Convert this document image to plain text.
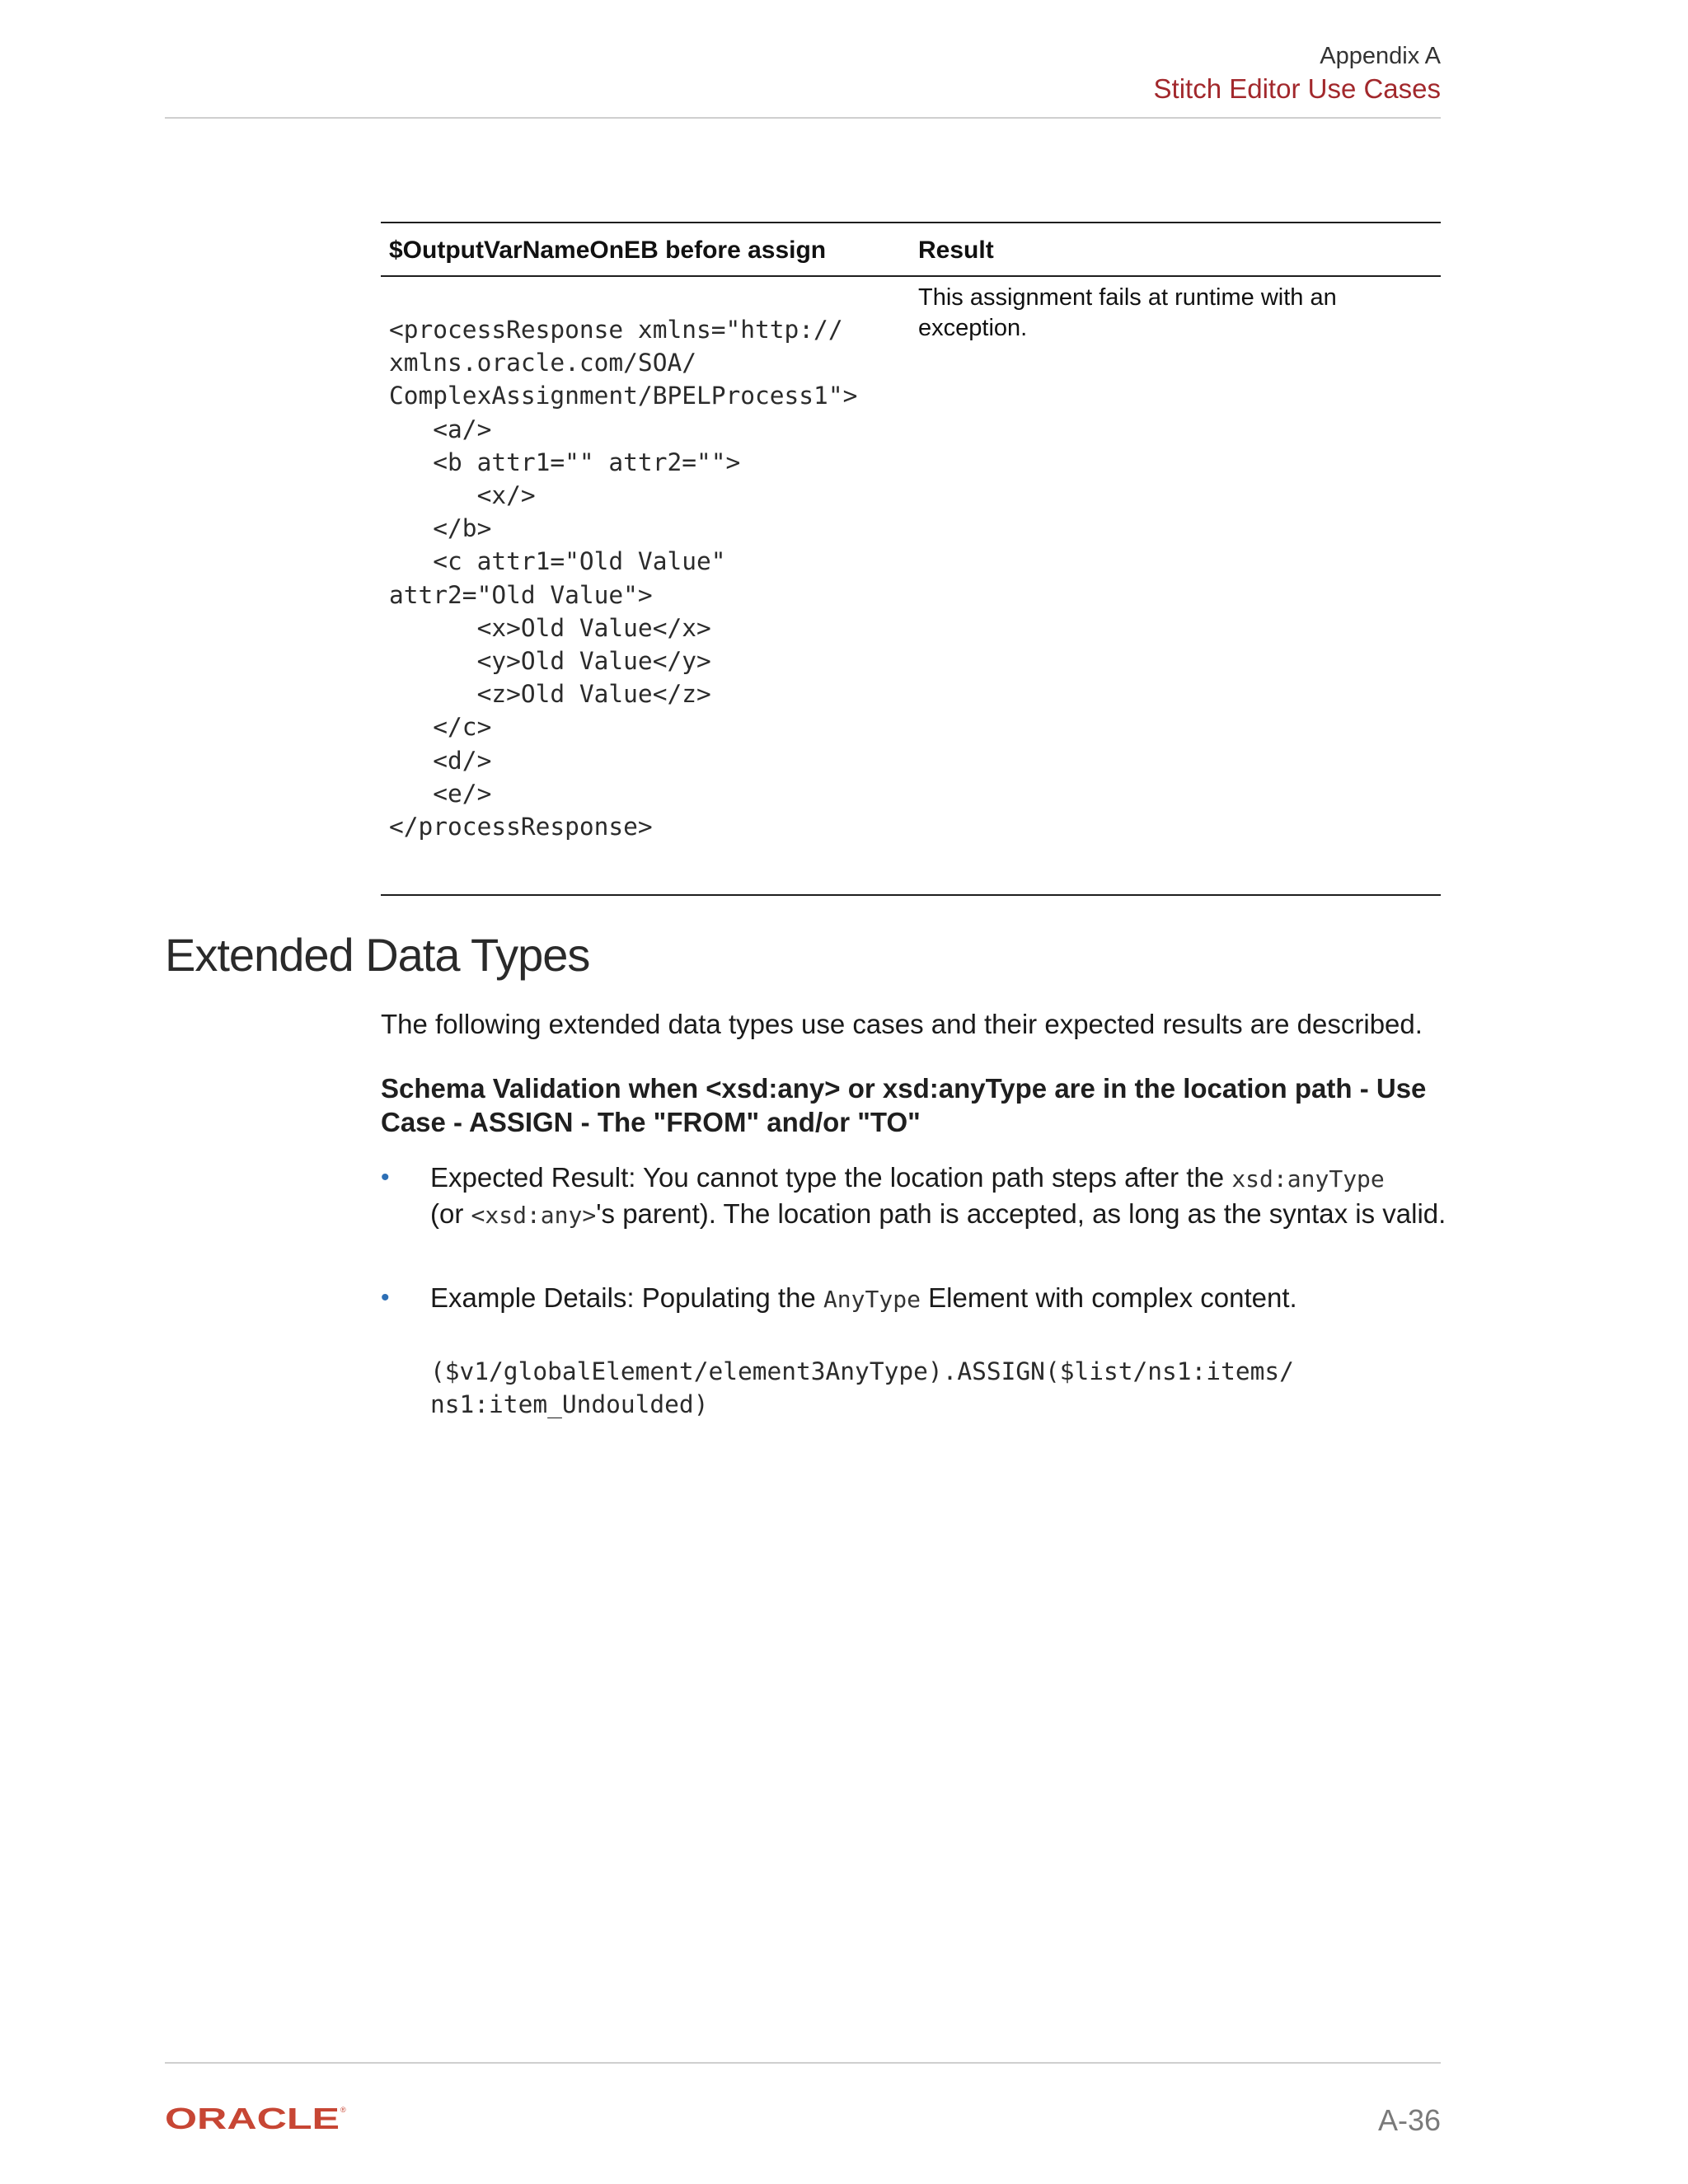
Appendix A
Stitch Editor Use Cases
$OutputVarNameOnEB before assign	Result
This assignment fails at runtime with an exception.
<processResponse xmlns="http://
xmlns.oracle.com/SOA/
ComplexAssignment/BPELProcess1">
<a/>
<b attr1="" attr2="">
<x/>
</b>
<c attr1="Old Value"
attr2="Old Value">
<x>Old Value</x>
<y>Old Value</y>
<z>Old Value</z>
</c>
<d/>
<e/>
</processResponse>
Extended Data Types
The following extended data types use cases and their expected results are described.
Schema Validation when <xsd:any> or xsd:anyType are in the location path - Use Case - ASSIGN - The "FROM" and/or "TO"
• Expected Result: You cannot type the location path steps after the xsd:anyType
(or <xsd:any>'s parent). The location path is accepted, as long as the syntax is valid.
• Example Details: Populating the AnyType Element with complex content.
($v1/globalElement/element3AnyType).ASSIGN($list/ns1:items/
ns1:item_Undoulded)
ORACLE ®	A-36
